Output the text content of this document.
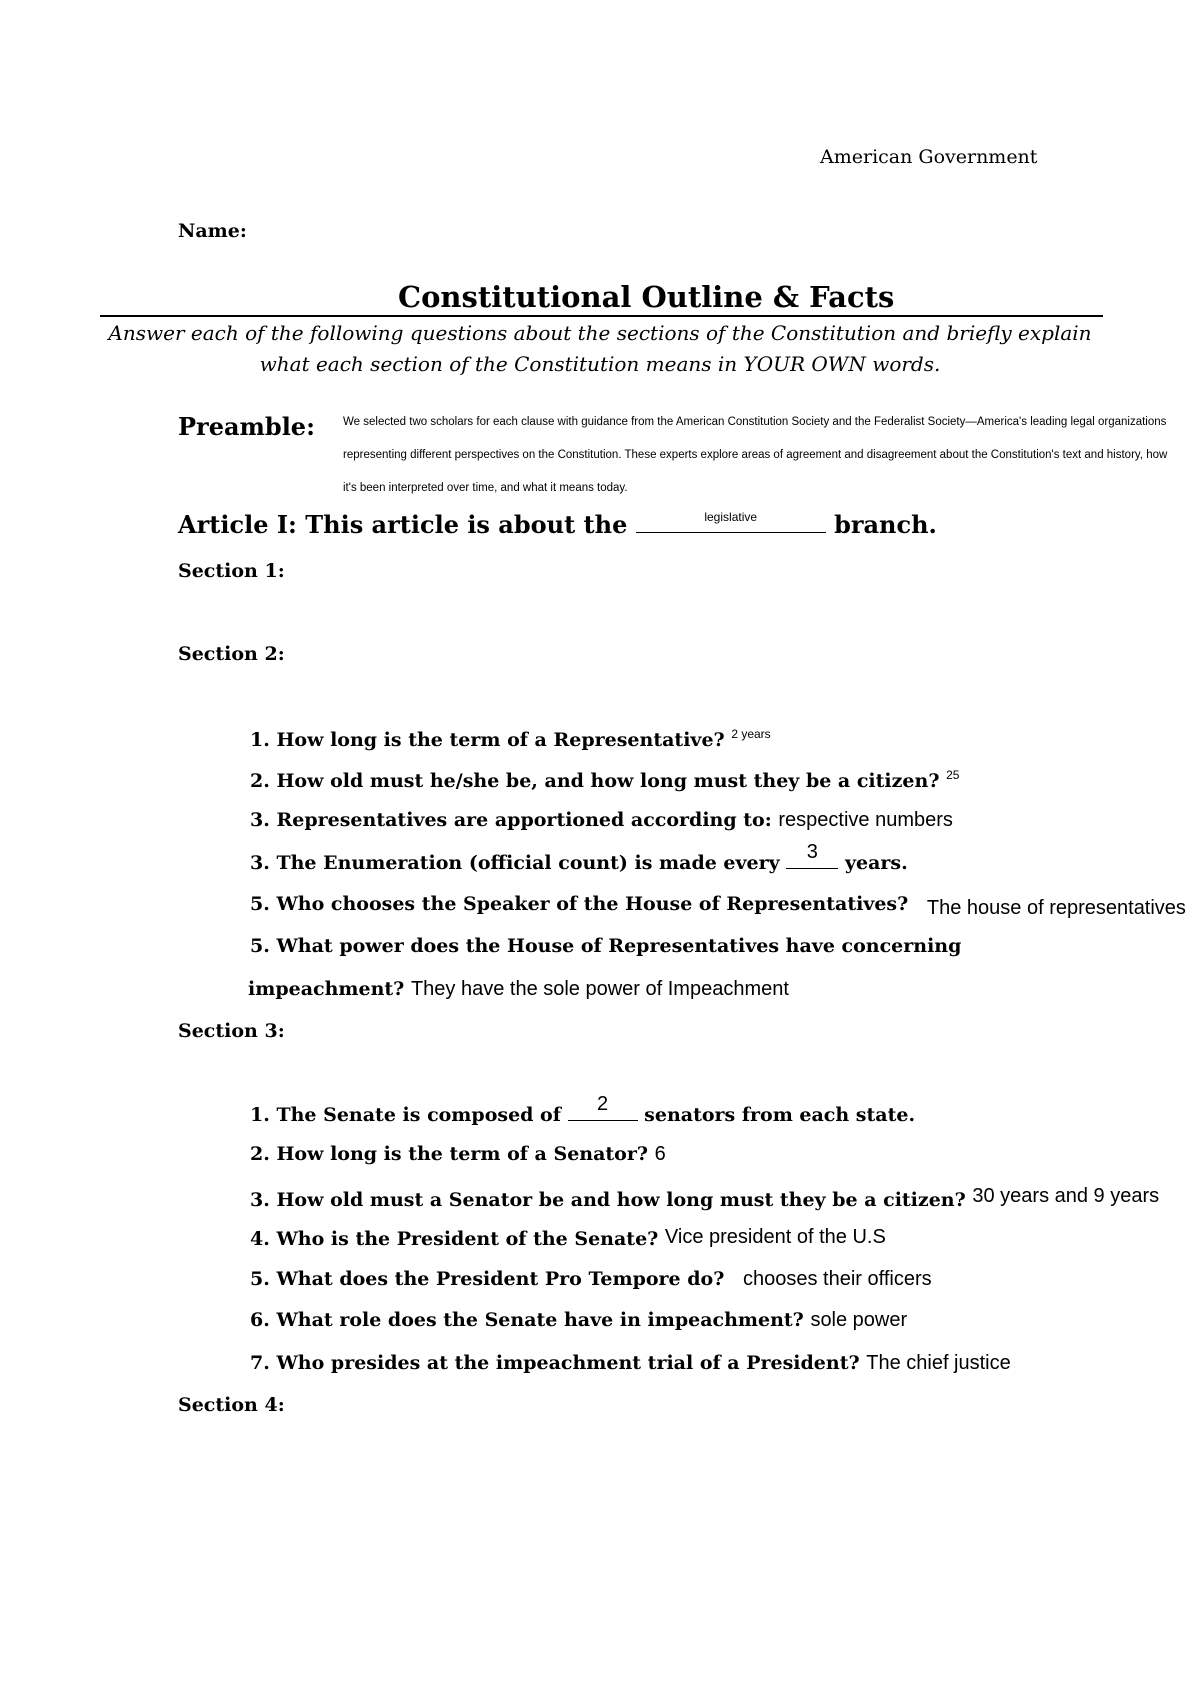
American Government
Name:
Constitutional Outline & Facts
Answer each of the following questions about the sections of the Constitution and briefly explain what each section of the Constitution means in YOUR OWN words.
Preamble: We selected two scholars for each clause with guidance from the American Constitution Society and the Federalist Society—America's leading legal organizations representing different perspectives on the Constitution. These experts explore areas of agreement and disagreement about the Constitution's text and history, how it's been interpreted over time, and what it means today.
Article I: This article is about the	legislative	branch.
Section 1:
Section 2:
1. How long is the term of a Representative? $^{2 years}$
2. How old must he/she be, and how long must they be a citizen? $^{25}$
3. Representatives are apportioned according to: respective numbers
3. The Enumeration (official count) is made every	3	years.
5. Who chooses the Speaker of the House of Representatives? The house of representatives
5. What power does the House of Representatives have concerning
impeachment? They have the sole power of Impeachment
Section 3:
1. The Senate is composed of	2	senators from each state.
2. How long is the term of a Senator? 6
3. How old must a Senator be and how long must they be a citizen? 30 years and 9 years
4. Who is the President of the Senate? Vice president of the U.S
5. What does the President Pro Tempore do? chooses their officers
6. What role does the Senate have in impeachment? sole power
7. Who presides at the impeachment trial of a President? The chief justice
Section 4:
